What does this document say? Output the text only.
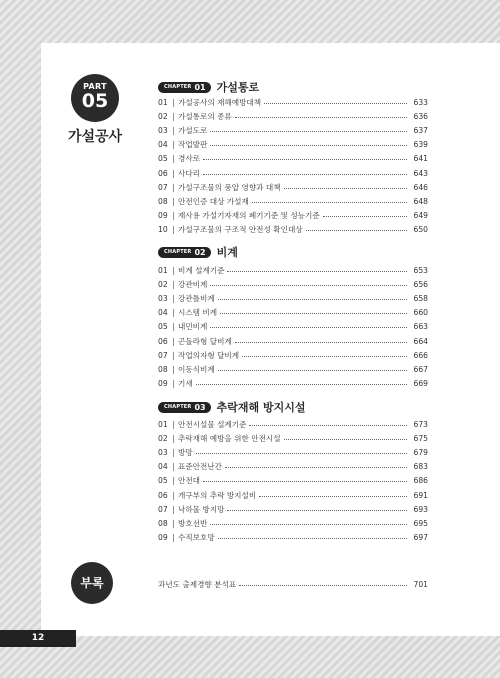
PART
05
가설공사
CHAPTER 01 가설통로
01 | 가설공사의 재해예방대책	633
02 | 가설통로의 종류	636
03 | 가설도로	637
04 | 작업발판	639
05 | 경사로	641
06 | 사다리	643
07 | 가설구조물의 풍압 영향과 대책	646
08 | 안전인증 대상 가설재	648
09 | 재사용 가설기자재의 폐기기준 및 성능기준	649
10 | 가설구조물의 구조적 안전성 확인대상	650
CHAPTER 02 비계
01 | 비계 설계기준	653
02 | 강관비계	656
03 | 강관틀비계	658
04 | 시스템 비계	660
05 | 내민비계	663
06 | 곤돌라형 달비계	664
07 | 작업의자형 달비계	666
08 | 이동식비계	667
09 | 기새	669
CHAPTER 03 추락재해 방지시설
01 | 안전시설물 설계기준	673
02 | 추락재해 예방을 위한 안전시설	675
03 | 방망	679
04 | 표준안전난간	683
05 | 안전대	686
06 | 개구부의 추락 방지설비	691
07 | 낙하물 방지망	693
08 | 방호선반	695
09 | 수직보호망	697
부록	과년도 출제경향 분석표	701
12
